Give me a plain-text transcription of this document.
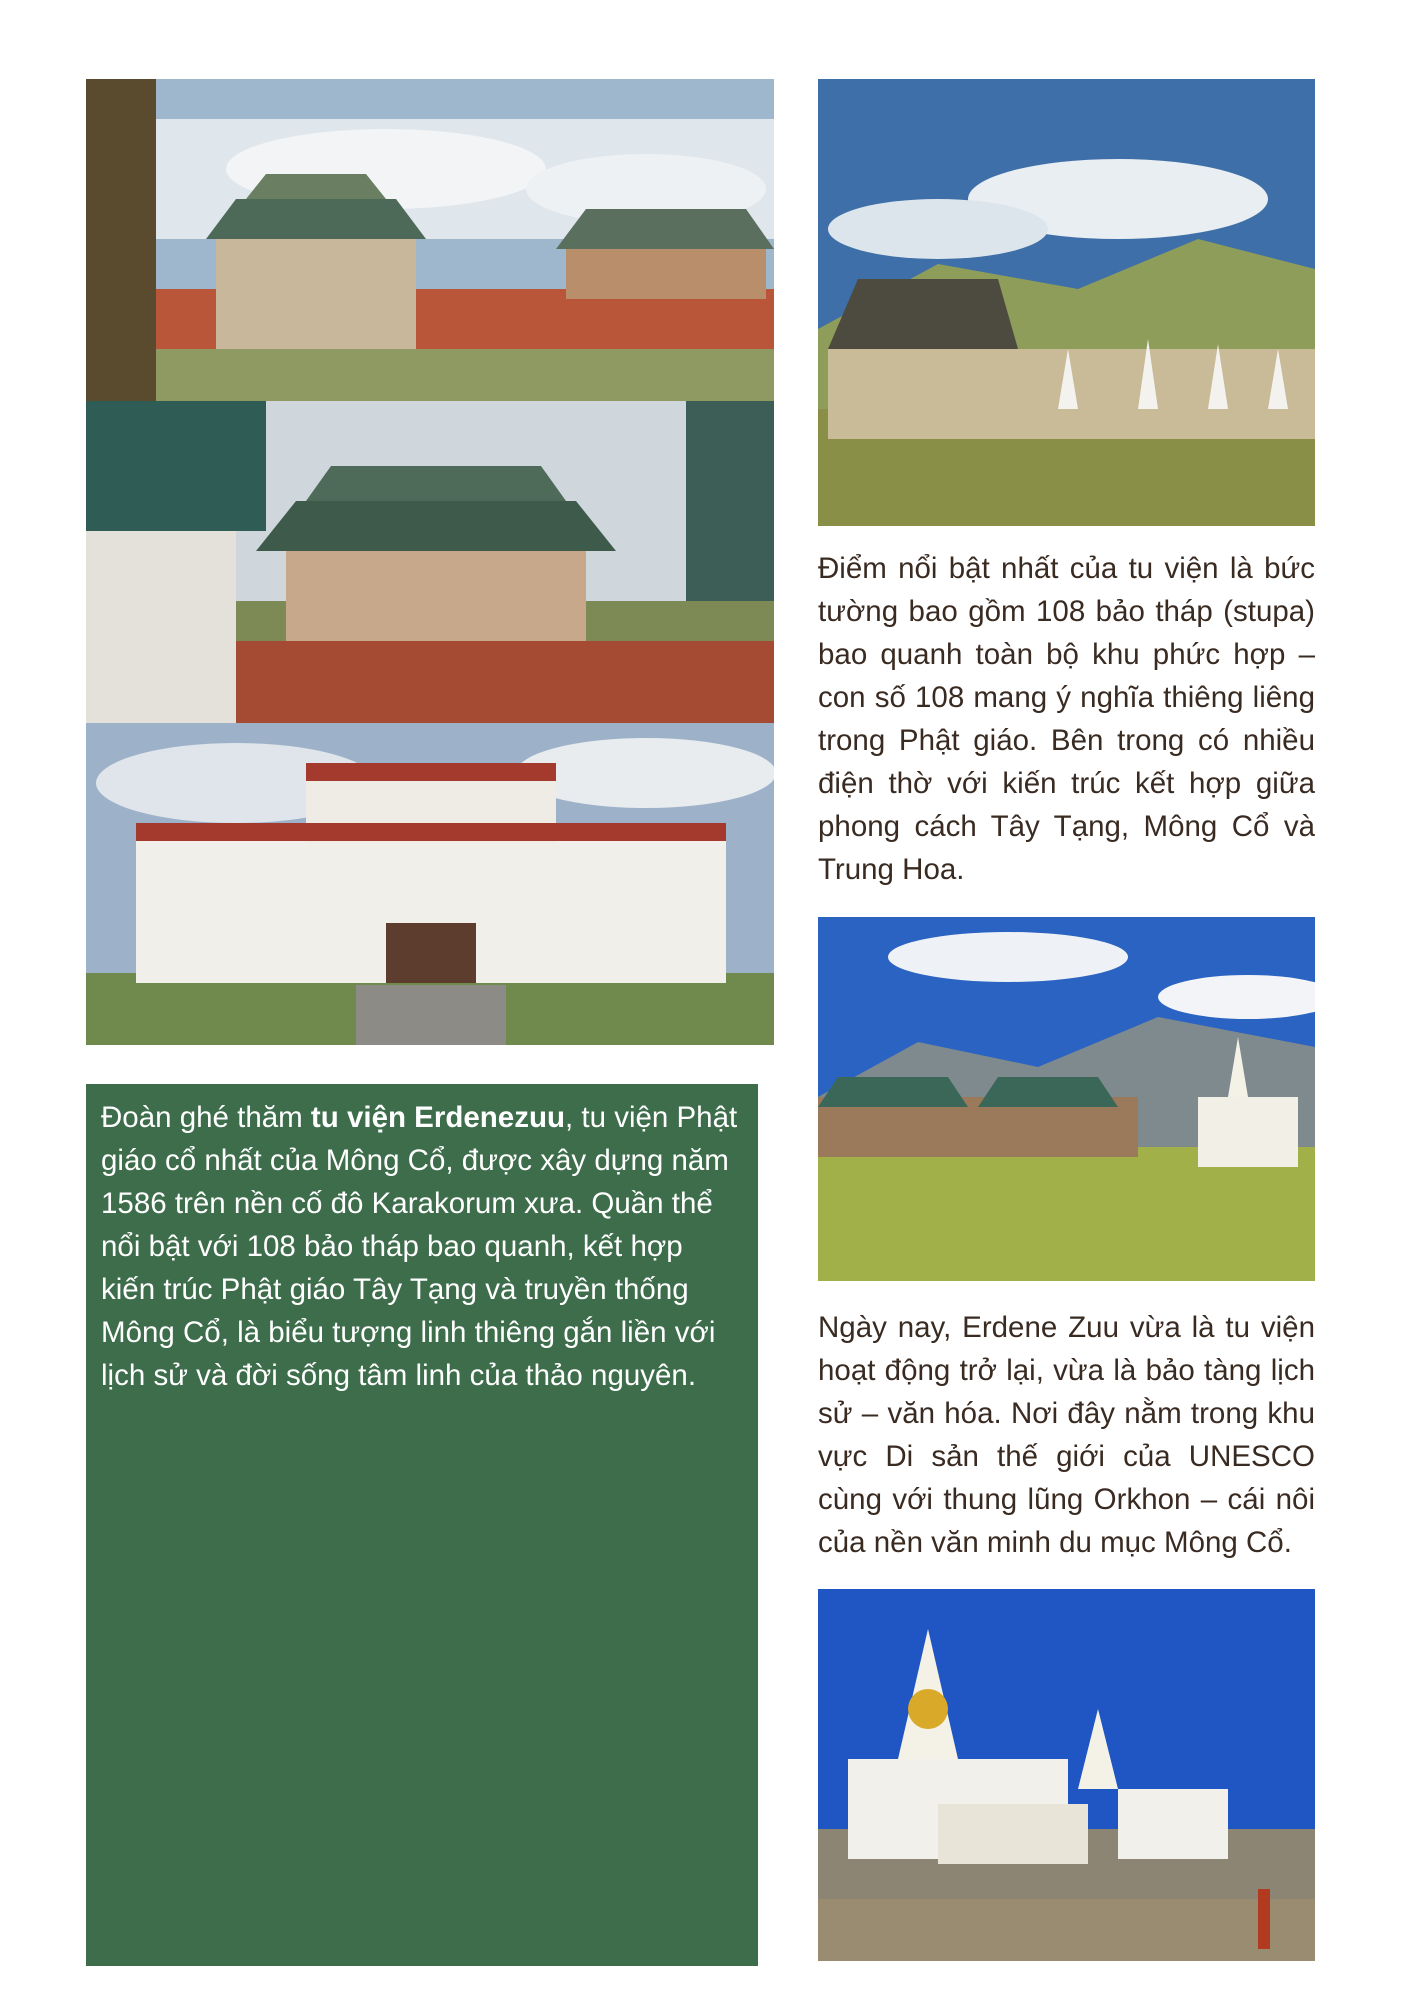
Đoàn ghé thăm tu viện Erdenezuu, tu viện Phật giáo cổ nhất của Mông Cổ, được xây dựng năm 1586 trên nền cố đô Karakorum xưa. Quần thể nổi bật với 108 bảo tháp bao quanh, kết hợp kiến trúc Phật giáo Tây Tạng và truyền thống Mông Cổ, là biểu tượng linh thiêng gắn liền với lịch sử và đời sống tâm linh của thảo nguyên.
Điểm nổi bật nhất của tu viện là bức tường bao gồm 108 bảo tháp (stupa) bao quanh toàn bộ khu phức hợp – con số 108 mang ý nghĩa thiêng liêng trong Phật giáo. Bên trong có nhiều điện thờ với kiến trúc kết hợp giữa phong cách Tây Tạng, Mông Cổ và Trung Hoa.
Ngày nay, Erdene Zuu vừa là tu viện hoạt động trở lại, vừa là bảo tàng lịch sử – văn hóa. Nơi đây nằm trong khu vực Di sản thế giới của UNESCO cùng với thung lũng Orkhon – cái nôi của nền văn minh du mục Mông Cổ.
